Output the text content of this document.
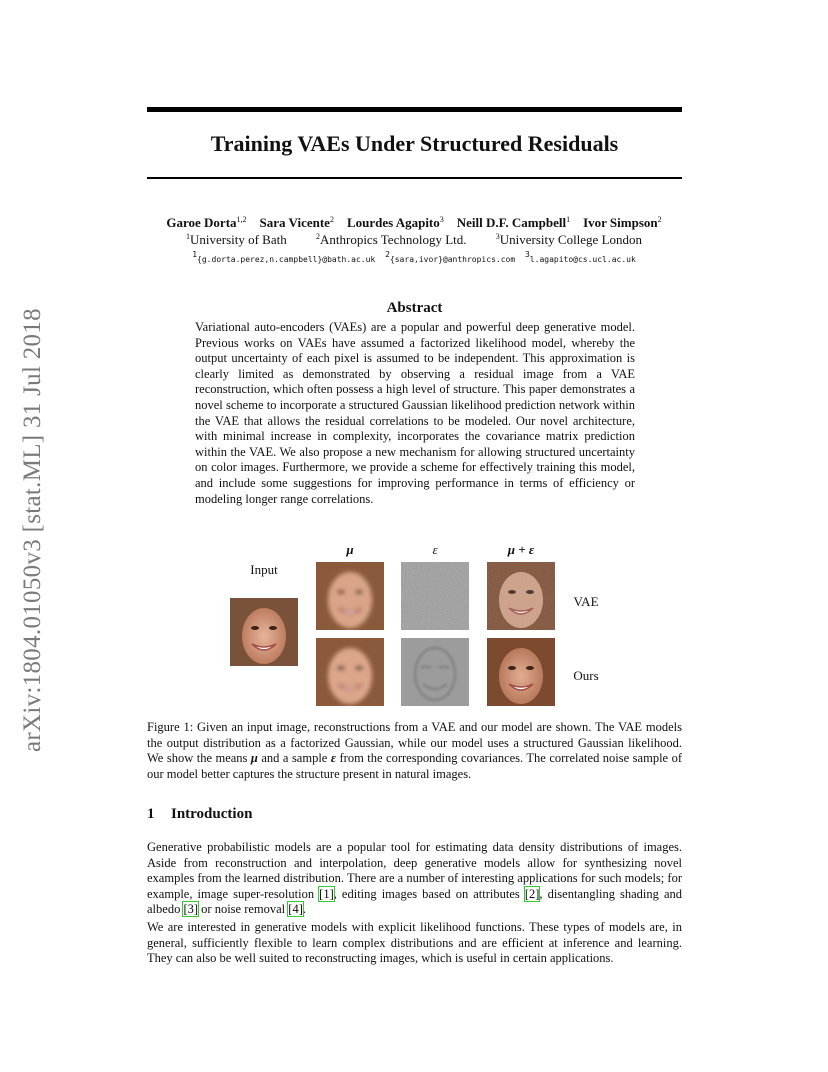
arXiv:1804.01050v3 [stat.ML] 31 Jul 2018
Training VAEs Under Structured Residuals
Garoe Dorta$^{1,2}$ Sara Vicente$^2$ Lourdes Agapito$^3$ Neill D.F. Campbell$^1$ Ivor Simpson$^2$
$^1$University of Bath	$^2$Anthropics Technology Ltd.	$^3$University College London
$^1${g.dorta.perez,n.campbell}@bath.ac.uk $^2${sara,ivor}@anthropics.com $^3$l.agapito@cs.ucl.ac.uk
Abstract
Variational auto-encoders (VAEs) are a popular and powerful deep generative model. Previous works on VAEs have assumed a factorized likelihood model, whereby the output uncertainty of each pixel is assumed to be independent. This approximation is clearly limited as demonstrated by observing a residual image from a VAE reconstruction, which often possess a high level of structure. This paper demonstrates a novel scheme to incorporate a structured Gaussian likelihood prediction network within the VAE that allows the residual correlations to be modeled. Our novel architecture, with minimal increase in complexity, incorporates the covariance matrix prediction within the VAE. We also propose a new mechanism for allowing structured uncertainty on color images. Furthermore, we provide a scheme for effectively training this model, and include some suggestions for improving performance in terms of efficiency or modeling longer range correlations.
Input
μ	ε	μ + ε
VAE
Ours
Figure 1: Given an input image, reconstructions from a VAE and our model are shown. The VAE models the output distribution as a factorized Gaussian, while our model uses a structured Gaussian likelihood. We show the means μ and a sample ε from the corresponding covariances. The correlated noise sample of our model better captures the structure present in natural images.
1 Introduction
Generative probabilistic models are a popular tool for estimating data density distributions of images. Aside from reconstruction and interpolation, deep generative models allow for synthesizing novel examples from the learned distribution. There are a number of interesting applications for such models; for example, image super-resolution [1], editing images based on attributes [2], disentangling shading and albedo [3] or noise removal [4].
We are interested in generative models with explicit likelihood functions. These types of models are, in general, sufficiently flexible to learn complex distributions and are efficient at inference and learning. They can also be well suited to reconstructing images, which is useful in certain applications.
